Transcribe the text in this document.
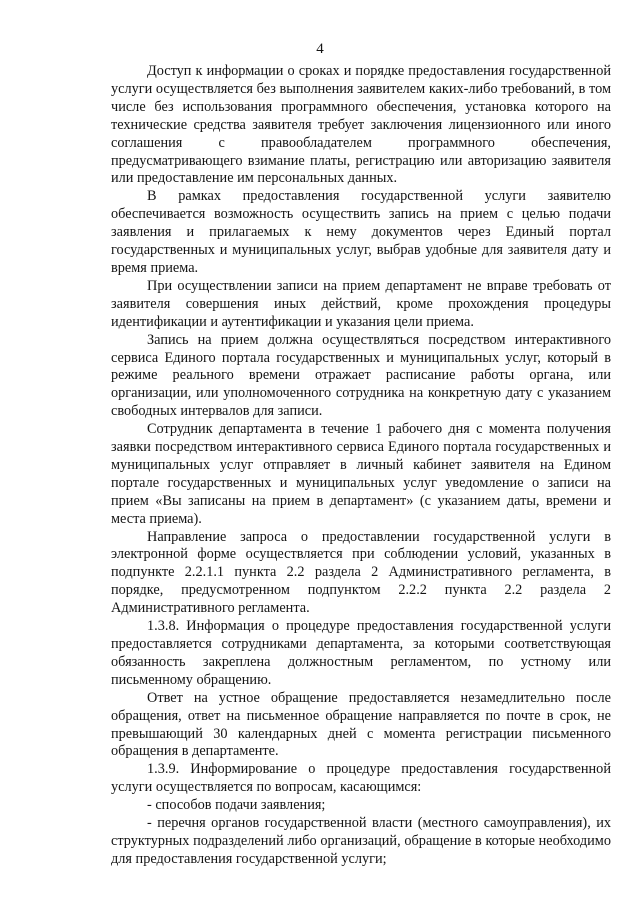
4

Доступ к информации о сроках и порядке предоставления государственной услуги осуществляется без выполнения заявителем каких-либо требований, в том числе без использования программного обеспечения, установка которого на технические средства заявителя требует заключения лицензионного или иного соглашения с правообладателем программного обеспечения, предусматривающего взимание платы, регистрацию или авторизацию заявителя или предоставление им персональных данных.

В рамках предоставления государственной услуги заявителю обеспечивается возможность осуществить запись на прием с целью подачи заявления и прилагаемых к нему документов через Единый портал государственных и муниципальных услуг, выбрав удобные для заявителя дату и время приема.

При осуществлении записи на прием департамент не вправе требовать от заявителя совершения иных действий, кроме прохождения процедуры идентификации и аутентификации и указания цели приема.

Запись на прием должна осуществляться посредством интерактивного сервиса Единого портала государственных и муниципальных услуг, который в режиме реального времени отражает расписание работы органа, или организации, или уполномоченного сотрудника на конкретную дату с указанием свободных интервалов для записи.

Сотрудник департамента в течение 1 рабочего дня с момента получения заявки посредством интерактивного сервиса Единого портала государственных и муниципальных услуг отправляет в личный кабинет заявителя на Едином портале государственных и муниципальных услуг уведомление о записи на прием «Вы записаны на прием в департамент» (с указанием даты, времени и места приема).

Направление запроса о предоставлении государственной услуги в электронной форме осуществляется при соблюдении условий, указанных в подпункте 2.2.1.1 пункта 2.2 раздела 2 Административного регламента, в порядке, предусмотренном подпунктом 2.2.2 пункта 2.2 раздела 2 Административного регламента.

1.3.8. Информация о процедуре предоставления государственной услуги предоставляется сотрудниками департамента, за которыми соответствующая обязанность закреплена должностным регламентом, по устному или письменному обращению.

Ответ на устное обращение предоставляется незамедлительно после обращения, ответ на письменное обращение направляется по почте в срок, не превышающий 30 календарных дней с момента регистрации письменного обращения в департаменте.

1.3.9. Информирование о процедуре предоставления государственной услуги осуществляется по вопросам, касающимся:

- способов подачи заявления;

- перечня органов государственной власти (местного самоуправления), их структурных подразделений либо организаций, обращение в которые необходимо для предоставления государственной услуги;
